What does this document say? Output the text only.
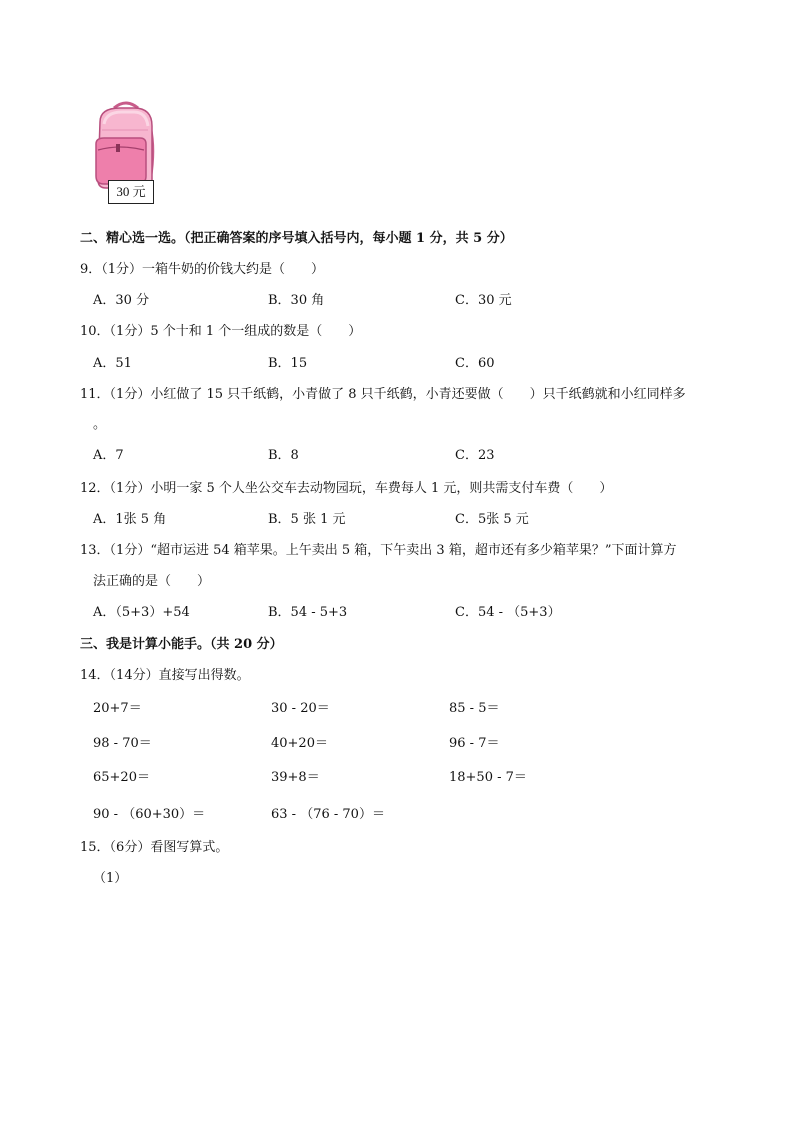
30 元
二、精心选一选。（把正确答案的序号填入括号内，每小题 1 分，共 5 分）
9．（1分）一箱牛奶的价钱大约是（　　）
A．30 分	B．30 角	C．30 元
10．（1分）5 个十和 1 个一组成的数是（　　）
A．51	B．15	C．60
11．（1分）小红做了 15 只千纸鹤，小青做了 8 只千纸鹤，小青还要做（　　）只千纸鹤就和小红同样多
。
A．7	B．8	C．23
12．（1分）小明一家 5 个人坐公交车去动物园玩，车费每人 1 元，则共需支付车费（　　）
A．1张 5 角	B．5 张 1 元	C．5张 5 元
13．（1分）“超市运进 54 箱苹果。上午卖出 5 箱，下午卖出 3 箱，超市还有多少箱苹果？”下面计算方
法正确的是（　　）
A．（5+3）+54	B．54 - 5+3	C．54 - （5+3）
三、我是计算小能手。（共 20 分）
14．（14分）直接写出得数。
20+7＝	30 - 20＝	85 - 5＝
98 - 70＝	40+20＝	96 - 7＝
65+20＝	39+8＝	18+50 - 7＝
90 - （60+30）＝	63 - （76 - 70）＝
15．（6分）看图写算式。
（1）
